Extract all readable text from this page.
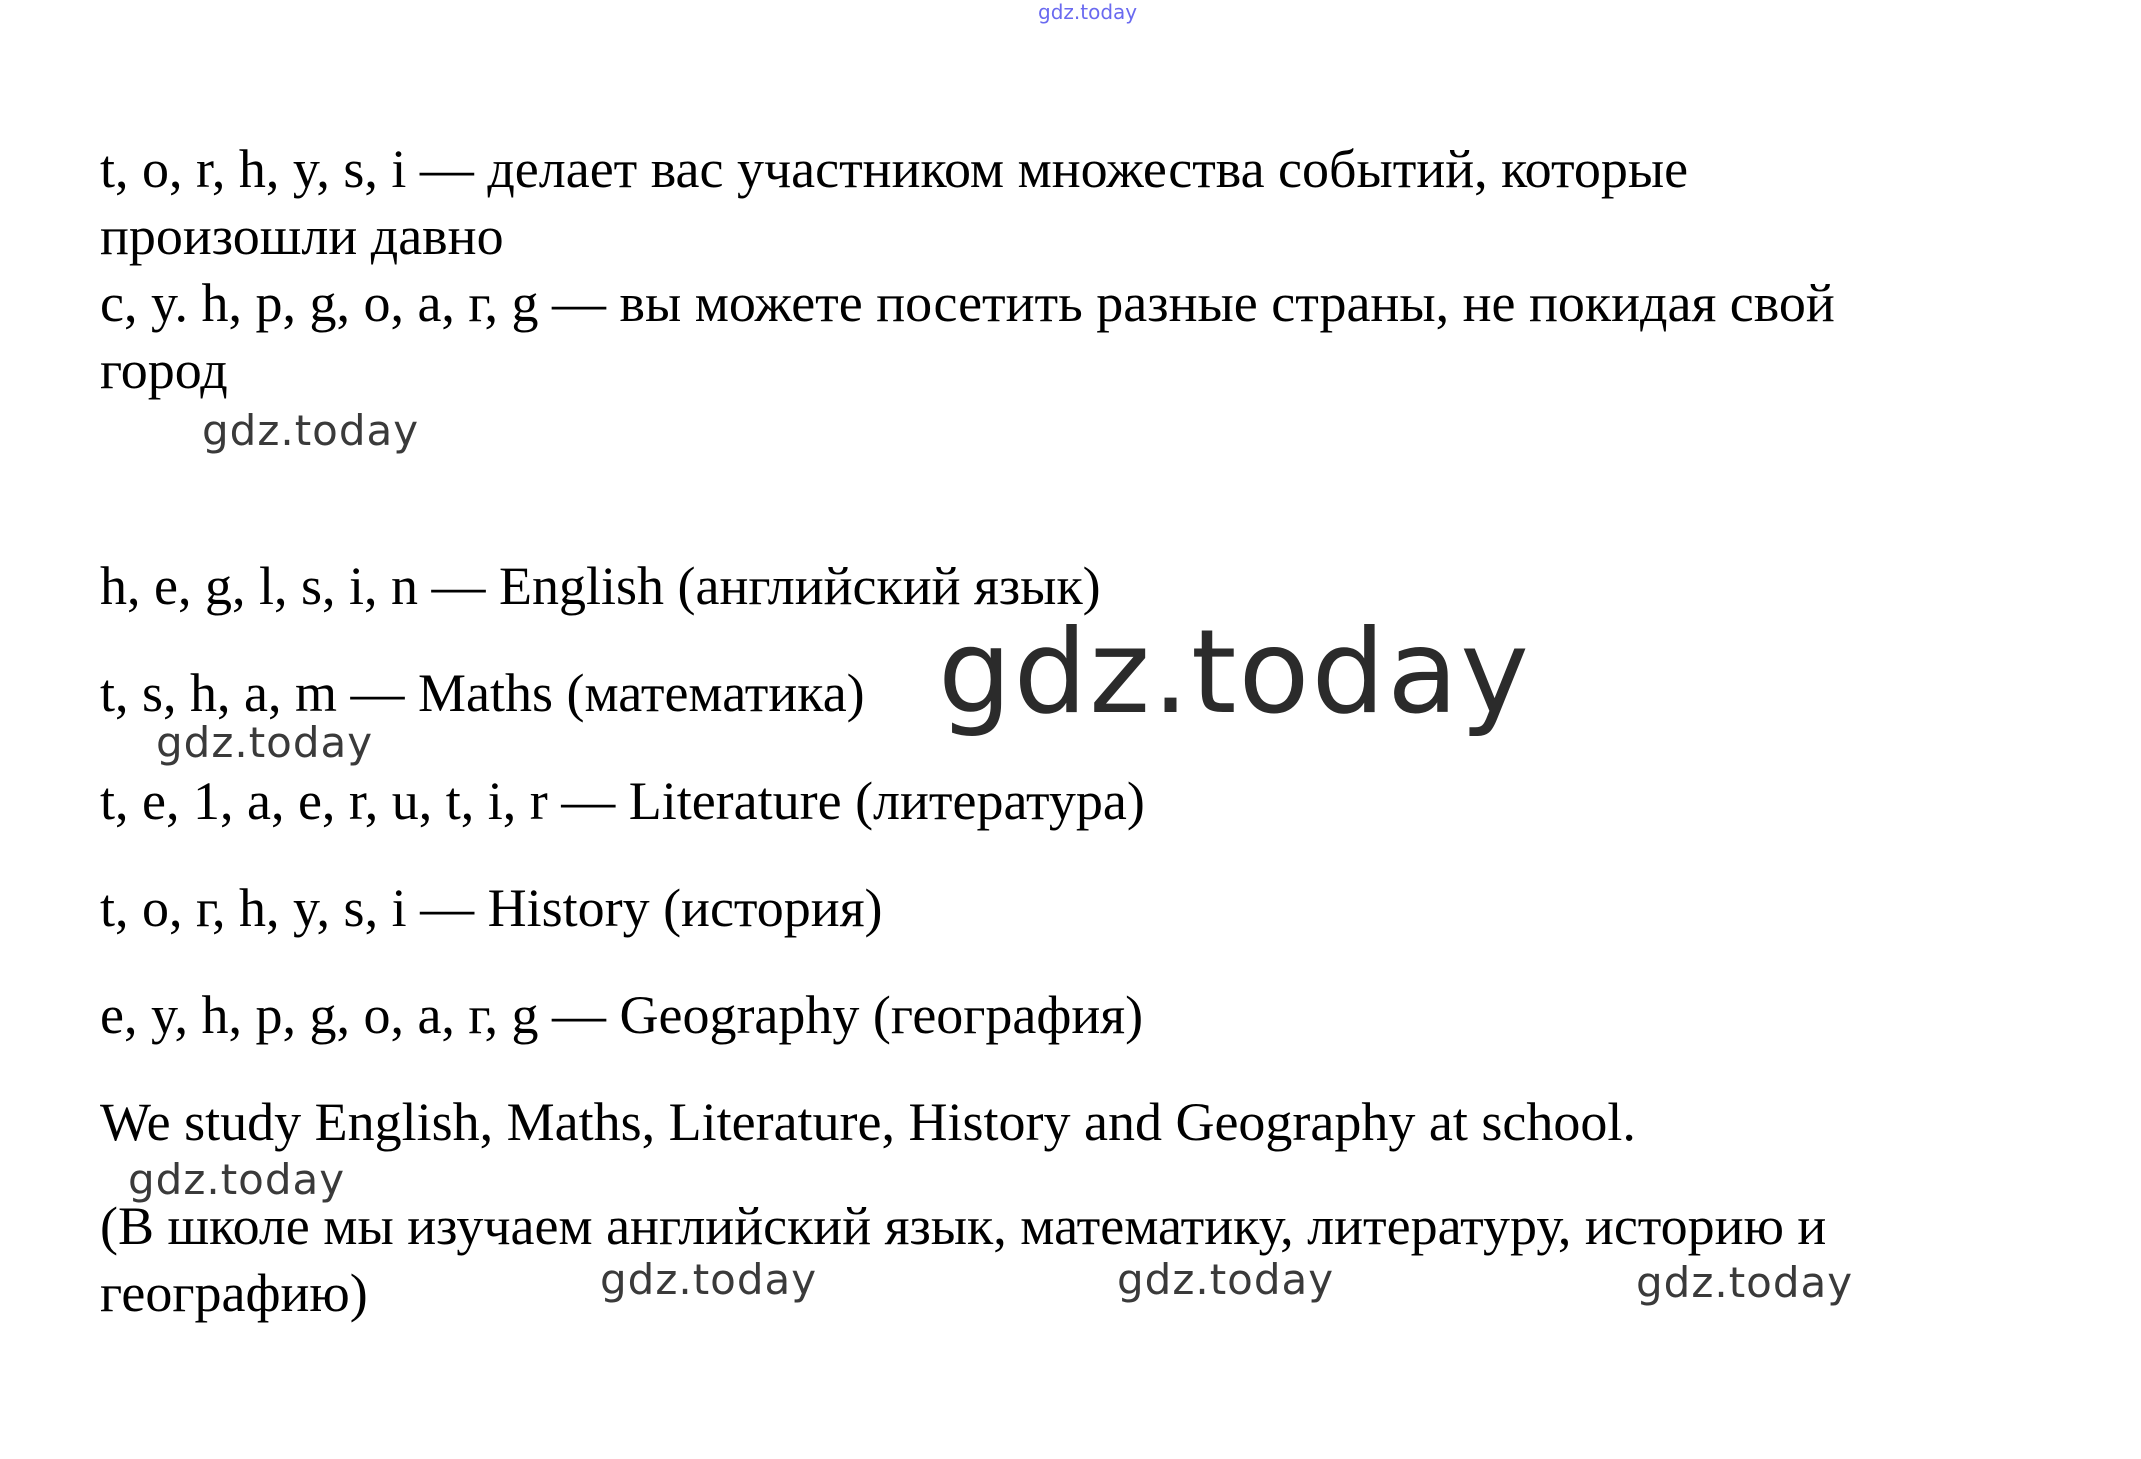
gdz.today
t, o, r, h, y, s, i — делает вас участником множества событий, которые
произошли давно
c, y. h, p, g, o, a, г, g — вы можете посетить разные страны, не покидая свой
город
gdz.today
h, e, g, l, s, i, n — English (английский язык)
t, s, h, a, m — Maths (математика) gdz.today
gdz.today
t, e, 1, a, e, r, u, t, i, r — Literature (литература)
t, o, г, h, y, s, i — History (история)
e, y, h, p, g, o, a, г, g — Geography (география)
We study English, Maths, Literature, History and Geography at school.
gdz.today
(В школе мы изучаем английский язык, математику, литературу, историю и
географию)	gdz.today	gdz.today	gdz.today
